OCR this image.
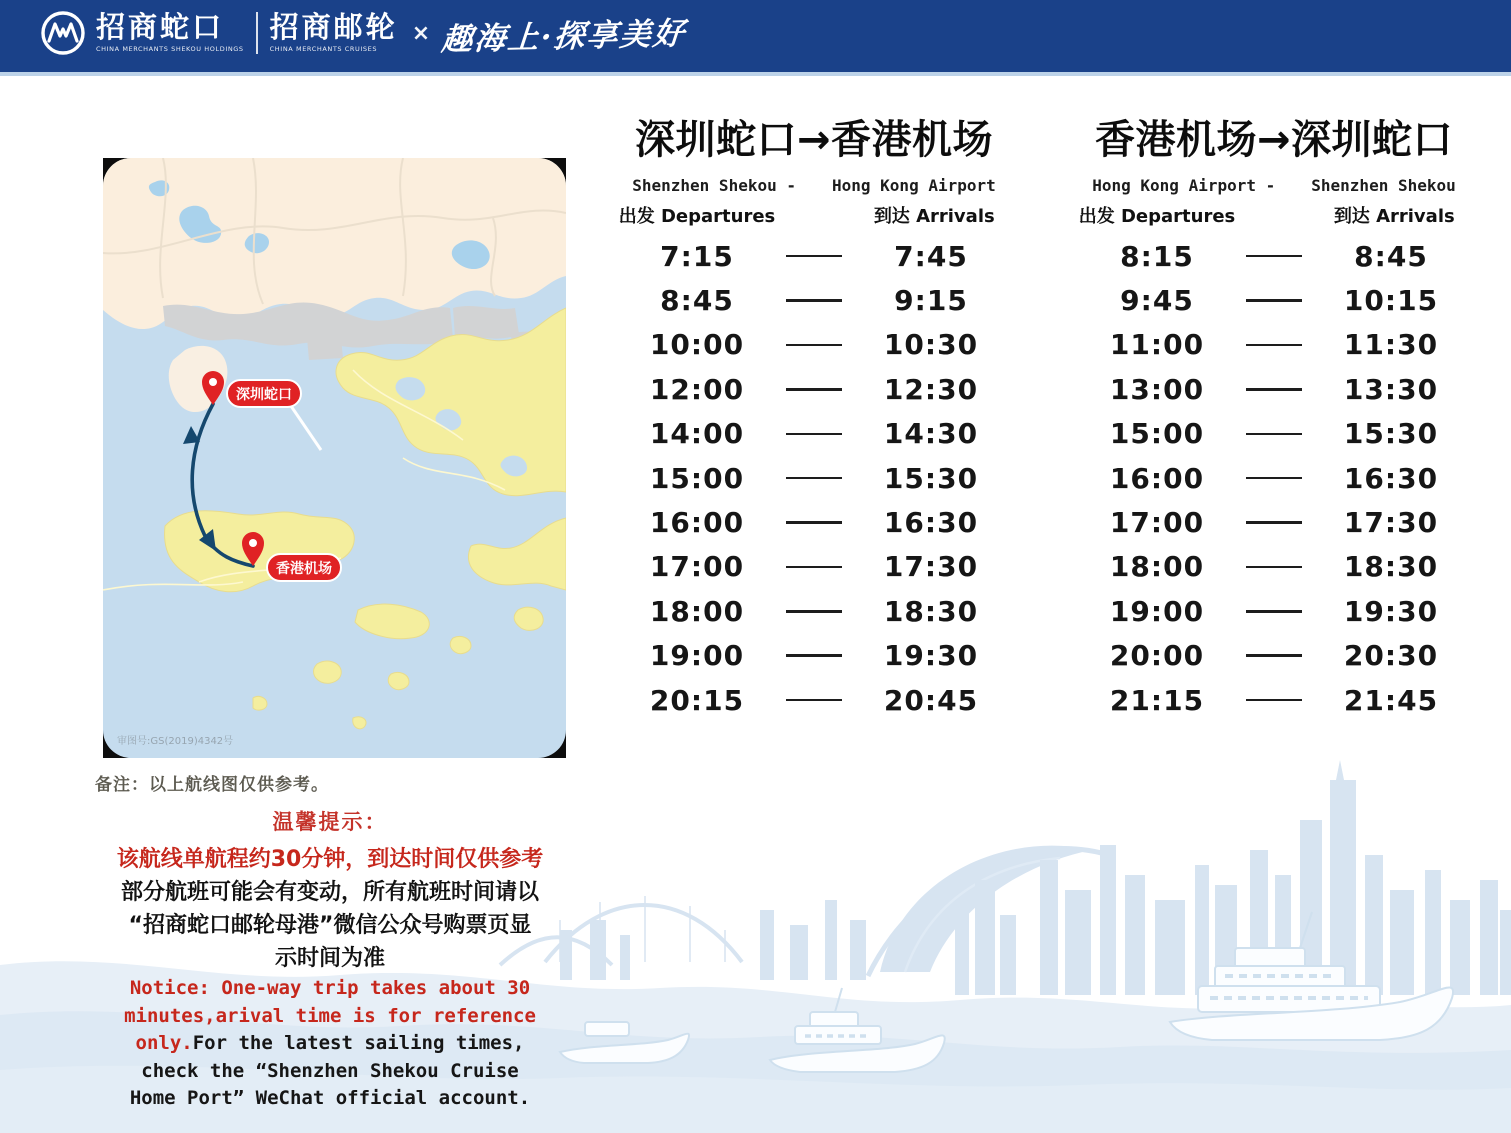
招商蛇口
CHINA MERCHANTS SHEKOU HOLDINGS
招商邮轮
CHINA MERCHANTS CRUISES
× 趣海上·探享美好
深圳蛇口
香港机场
审图号:GS(2019)4342号
深圳蛇口→香港机场
Shenzhen Shekou - Hong Kong Airport
出发 Departures	到达 Arrivals
7:15	7:45
8:45	9:15
10:00	10:30
12:00	12:30
14:00	14:30
15:00	15:30
16:00	16:30
17:00	17:30
18:00	18:30
19:00	19:30
20:15	20:45
香港机场→深圳蛇口
Hong Kong Airport - Shenzhen Shekou
出发 Departures	到达 Arrivals
8:15	8:45
9:45	10:15
11:00	11:30
13:00	13:30
15:00	15:30
16:00	16:30
17:00	17:30
18:00	18:30
19:00	19:30
20:00	20:30
21:15	21:45
备注：以上航线图仅供参考。
温馨提示：
该航线单航程约30分钟，到达时间仅供参考
部分航班可能会有变动，所有航班时间请以
“招商蛇口邮轮母港”微信公众号购票页显
示时间为准
Notice: One-way trip takes about 30
minutes,arival time is for reference
only.For the latest sailing times,
check the “Shenzhen Shekou Cruise
Home Port” WeChat official account.
